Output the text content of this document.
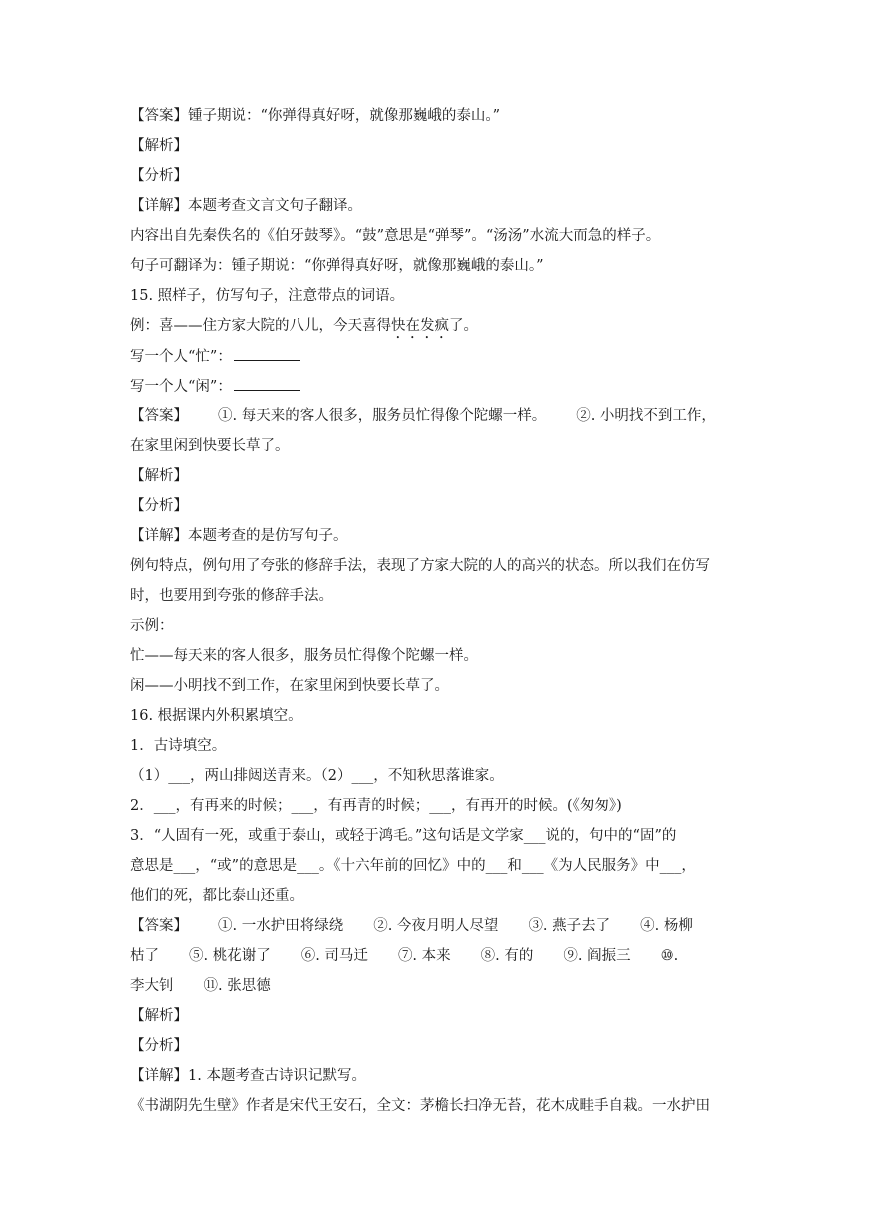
【答案】锺子期说：“你弹得真好呀，就像那巍峨的泰山。”
【解析】
【分析】
【详解】本题考查文言文句子翻译。
内容出自先秦佚名的《伯牙鼓琴》。“鼓”意思是“弹琴”。“汤汤”水流大而急的样子。
句子可翻译为：锺子期说：“你弹得真好呀，就像那巍峨的泰山。”
15. 照样子，仿写句子，注意带点的词语。
例：喜——住方家大院的八儿，今天喜得快在发疯了。
写一个人“忙”：
写一个人“闲”：
【答案】 ①. 每天来的客人很多，服务员忙得像个陀螺一样。 ②. 小明找不到工作，
在家里闲到快要长草了。
【解析】
【分析】
【详解】本题考查的是仿写句子。
例句特点，例句用了夸张的修辞手法，表现了方家大院的人的高兴的状态。所以我们在仿写
时，也要用到夸张的修辞手法。
示例：
忙——每天来的客人很多，服务员忙得像个陀螺一样。
闲——小明找不到工作，在家里闲到快要长草了。
16. 根据课内外积累填空。
1．古诗填空。
（1）___，两山排闼送青来。（2）___，不知秋思落谁家。
2．___，有再来的时候；___，有再青的时候；___，有再开的时候。(《匆匆》)
3．“人固有一死，或重于泰山，或轻于鸿毛。”这句话是文学家___说的，句中的“固”的
意思是___，“或”的意思是___。《十六年前的回忆》中的___和___《为人民服务》中___，
他们的死，都比泰山还重。
【答案】 ①. 一水护田将绿绕 ②. 今夜月明人尽望 ③. 燕子去了 ④. 杨柳
枯了 ⑤. 桃花谢了 ⑥. 司马迁 ⑦. 本来 ⑧. 有的 ⑨. 阎振三 ⑩.
李大钊 ⑪. 张思德
【解析】
【分析】
【详解】1. 本题考查古诗识记默写。
《书湖阴先生壁》作者是宋代王安石，全文：茅檐长扫净无苔，花木成畦手自栽。一水护田
